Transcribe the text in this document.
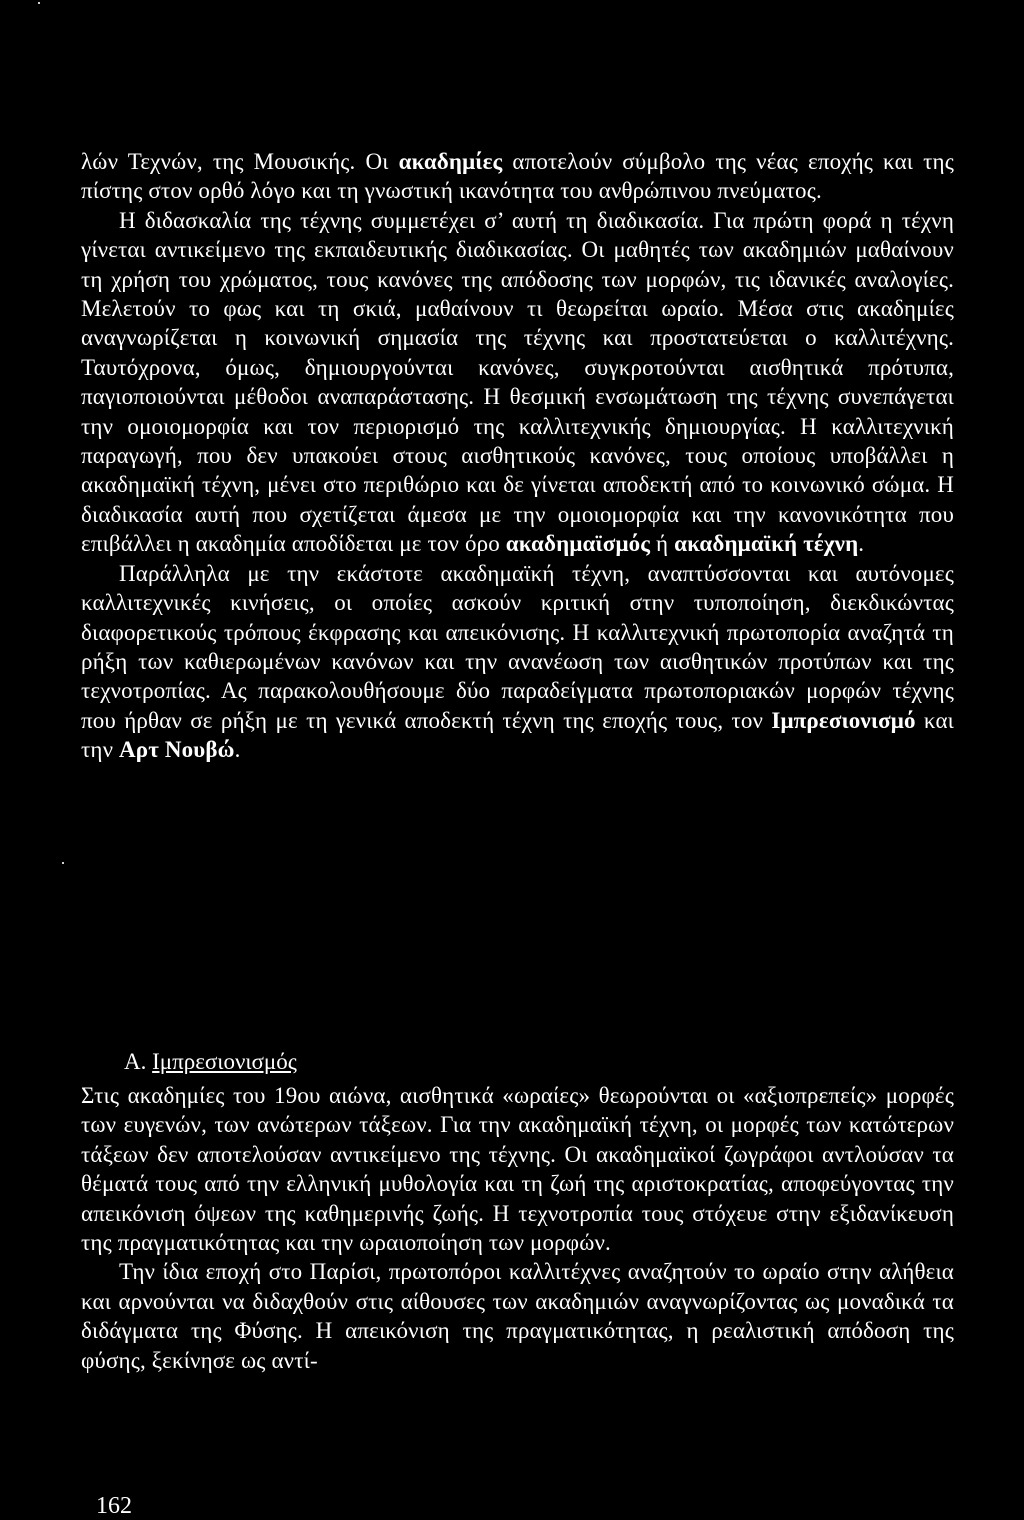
λών Τεχνών, της Μουσικής. Οι ακαδημίες αποτελούν σύμβολο της νέας εποχής και της πίστης στον ορθό λόγο και τη γνωστική ικανότητα του ανθρώπινου πνεύματος.

Η διδασκαλία της τέχνης συμμετέχει σ’ αυτή τη διαδικασία. Για πρώτη φορά η τέχνη γίνεται αντικείμενο της εκπαιδευτικής διαδικασίας. Οι μαθητές των ακαδημιών μαθαίνουν τη χρήση του χρώματος, τους κανόνες της απόδοσης των μορφών, τις ιδανικές αναλογίες. Μελετούν το φως και τη σκιά, μαθαίνουν τι θεωρείται ωραίο. Μέσα στις ακαδημίες αναγνωρίζεται η κοινωνική σημασία της τέχνης και προστατεύεται ο καλλιτέχνης. Ταυτόχρονα, όμως, δημιουργούνται κανόνες, συγκροτούνται αισθητικά πρότυπα, παγιοποιούνται μέθοδοι αναπαράστασης. Η θεσμική ενσωμάτωση της τέχνης συνεπάγεται την ομοιομορφία και τον περιορισμό της καλλιτεχνικής δημιουργίας. Η καλλιτεχνική παραγωγή, που δεν υπακούει στους αισθητικούς κανόνες, τους οποίους υποβάλλει η ακαδημαϊκή τέχνη, μένει στο περιθώριο και δε γίνεται αποδεκτή από το κοινωνικό σώμα. Η διαδικασία αυτή που σχετίζεται άμεσα με την ομοιομορφία και την κανονικότητα που επιβάλλει η ακαδημία αποδίδεται με τον όρο ακαδημαϊσμός ή ακαδημαϊκή τέχνη.

Παράλληλα με την εκάστοτε ακαδημαϊκή τέχνη, αναπτύσσονται και αυτόνομες καλλιτεχνικές κινήσεις, οι οποίες ασκούν κριτική στην τυποποίηση, διεκδικώντας διαφορετικούς τρόπους έκφρασης και απεικόνισης. Η καλλιτεχνική πρωτοπορία αναζητά τη ρήξη των καθιερωμένων κανόνων και την ανανέωση των αισθητικών προτύπων και της τεχνοτροπίας. Ας παρακολουθήσουμε δύο παραδείγματα πρωτοποριακών μορφών τέχνης που ήρθαν σε ρήξη με τη γενικά αποδεκτή τέχνη της εποχής τους, τον Ιμπρεσιονισμό και την Αρτ Νουβώ.

Α. Ιμπρεσιονισμός

Στις ακαδημίες του 19ου αιώνα, αισθητικά «ωραίες» θεωρούνται οι «αξιοπρεπείς» μορφές των ευγενών, των ανώτερων τάξεων. Για την ακαδημαϊκή τέχνη, οι μορφές των κατώτερων τάξεων δεν αποτελούσαν αντικείμενο της τέχνης. Οι ακαδημαϊκοί ζωγράφοι αντλούσαν τα θέματά τους από την ελληνική μυθολογία και τη ζωή της αριστοκρατίας, αποφεύγοντας την απεικόνιση όψεων της καθημερινής ζωής. Η τεχνοτροπία τους στόχευε στην εξιδανίκευση της πραγματικότητας και την ωραιοποίηση των μορφών.

Την ίδια εποχή στο Παρίσι, πρωτοπόροι καλλιτέχνες αναζητούν το ωραίο στην αλήθεια και αρνούνται να διδαχθούν στις αίθουσες των ακαδημιών αναγνωρίζοντας ως μοναδικά τα διδάγματα της Φύσης. Η απεικόνιση της πραγματικότητας, η ρεαλιστική απόδοση της φύσης, ξεκίνησε ως αντί-

162
